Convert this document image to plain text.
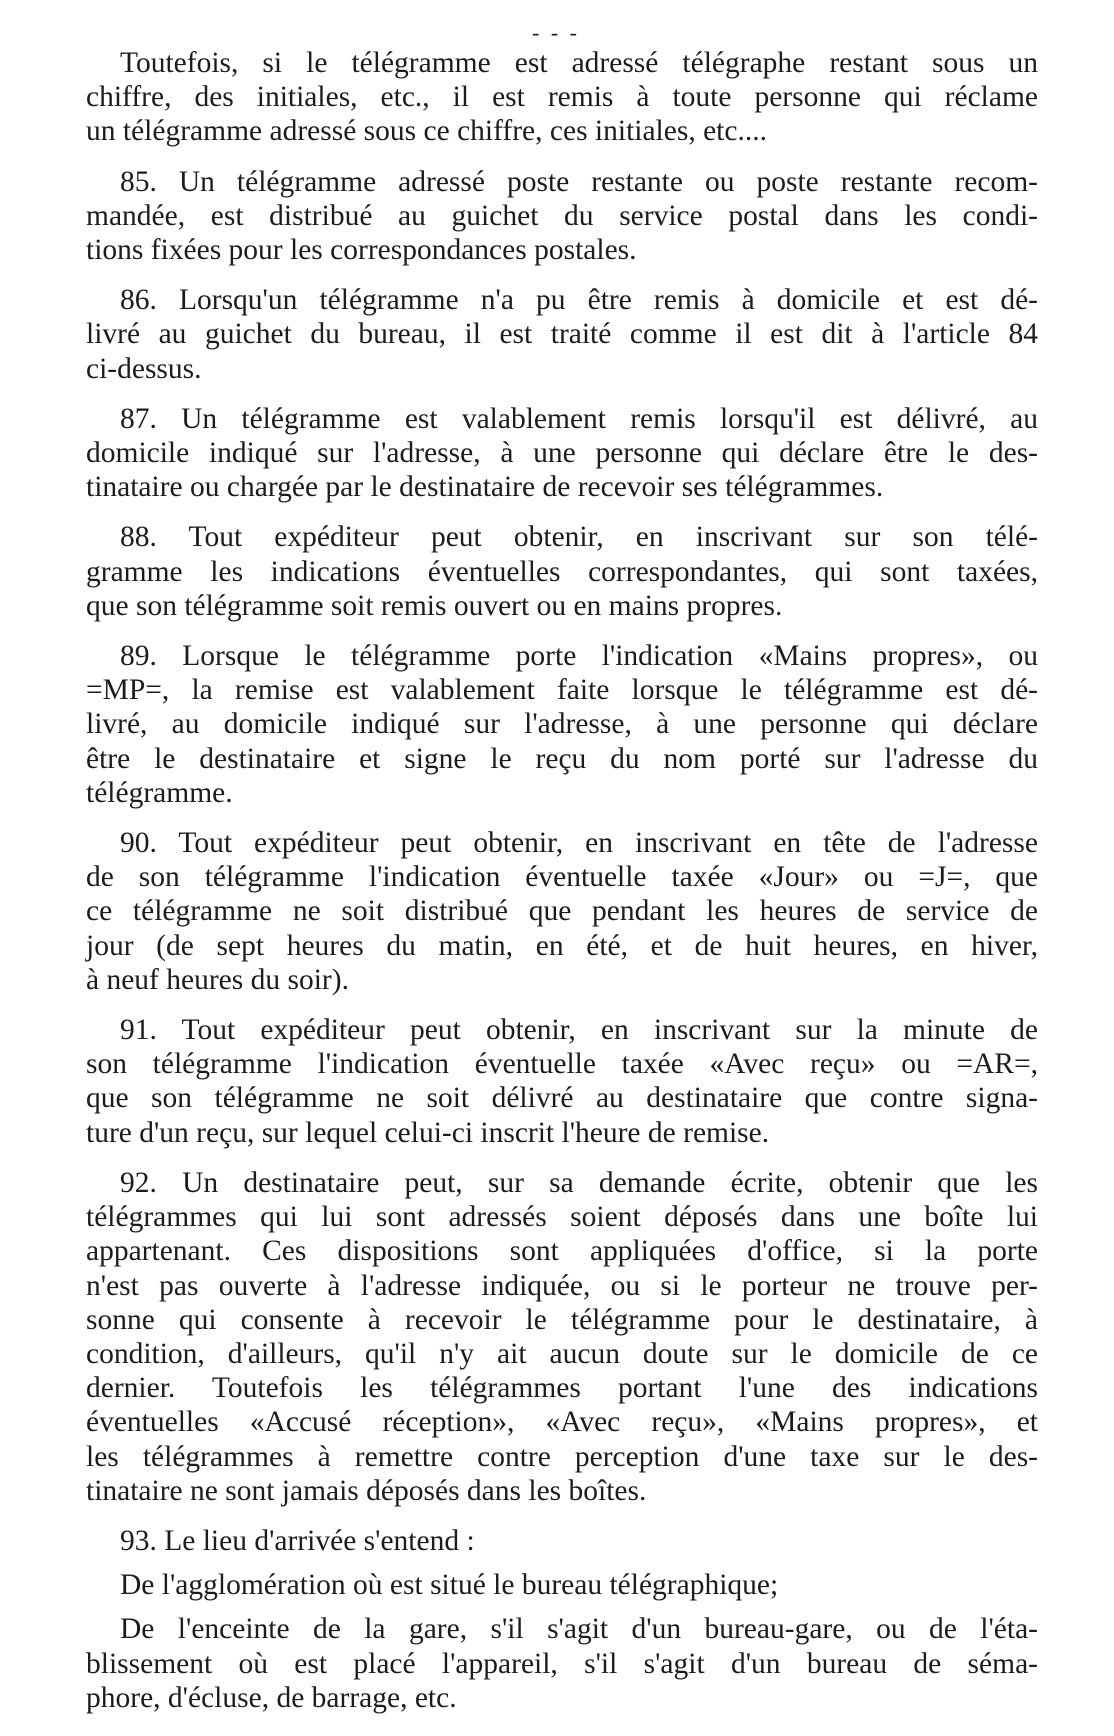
- - -
Toutefois, si le télégramme est adressé télégraphe restant sous un
chiffre, des initiales, etc., il est remis à toute personne qui réclame
un télégramme adressé sous ce chiffre, ces initiales, etc....
85. Un télégramme adressé poste restante ou poste restante recom-
mandée, est distribué au guichet du service postal dans les condi-
tions fixées pour les correspondances postales.
86. Lorsqu'un télégramme n'a pu être remis à domicile et est dé-
livré au guichet du bureau, il est traité comme il est dit à l'article 84
ci-dessus.
87. Un télégramme est valablement remis lorsqu'il est délivré, au
domicile indiqué sur l'adresse, à une personne qui déclare être le des-
tinataire ou chargée par le destinataire de recevoir ses télégrammes.
88. Tout expéditeur peut obtenir, en inscrivant sur son télé-
gramme les indications éventuelles correspondantes, qui sont taxées,
que son télégramme soit remis ouvert ou en mains propres.
89. Lorsque le télégramme porte l'indication «Mains propres», ou
=MP=, la remise est valablement faite lorsque le télégramme est dé-
livré, au domicile indiqué sur l'adresse, à une personne qui déclare
être le destinataire et signe le reçu du nom porté sur l'adresse du
télégramme.
90. Tout expéditeur peut obtenir, en inscrivant en tête de l'adresse
de son télégramme l'indication éventuelle taxée «Jour» ou =J=, que
ce télégramme ne soit distribué que pendant les heures de service de
jour (de sept heures du matin, en été, et de huit heures, en hiver,
à neuf heures du soir).
91. Tout expéditeur peut obtenir, en inscrivant sur la minute de
son télégramme l'indication éventuelle taxée «Avec reçu» ou =AR=,
que son télégramme ne soit délivré au destinataire que contre signa-
ture d'un reçu, sur lequel celui-ci inscrit l'heure de remise.
92. Un destinataire peut, sur sa demande écrite, obtenir que les
télégrammes qui lui sont adressés soient déposés dans une boîte lui
appartenant. Ces dispositions sont appliquées d'office, si la porte
n'est pas ouverte à l'adresse indiquée, ou si le porteur ne trouve per-
sonne qui consente à recevoir le télégramme pour le destinataire, à
condition, d'ailleurs, qu'il n'y ait aucun doute sur le domicile de ce
dernier. Toutefois les télégrammes portant l'une des indications
éventuelles «Accusé réception», «Avec reçu», «Mains propres», et
les télégrammes à remettre contre perception d'une taxe sur le des-
tinataire ne sont jamais déposés dans les boîtes.
93. Le lieu d'arrivée s'entend :
De l'agglomération où est situé le bureau télégraphique;
De l'enceinte de la gare, s'il s'agit d'un bureau-gare, ou de l'éta-
blissement où est placé l'appareil, s'il s'agit d'un bureau de séma-
phore, d'écluse, de barrage, etc.
